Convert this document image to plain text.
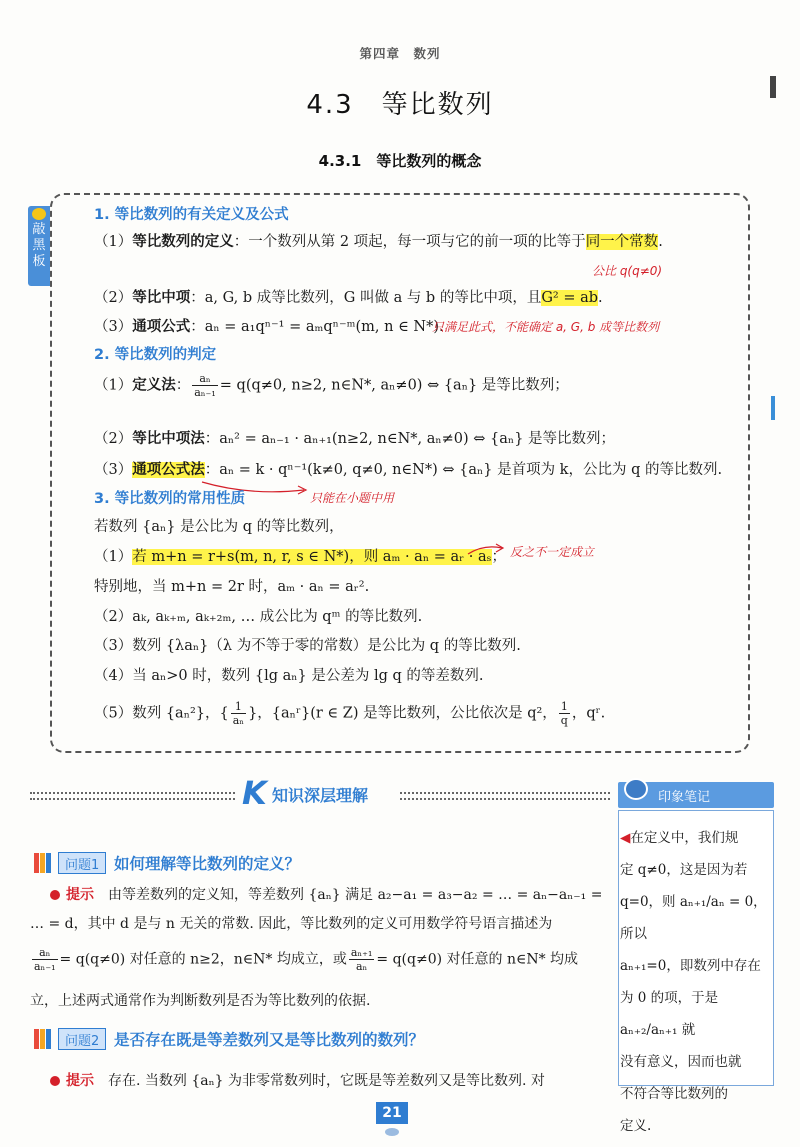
第四章　数列
4.3　等比数列
4.3.1　等比数列的概念
敲黑板
1. 等比数列的有关定义及公式
（1）等比数列的定义：一个数列从第 2 项起，每一项与它的前一项的比等于同一个常数.
公比 q(q≠0)
（2）等比中项：a, G, b 成等比数列，G 叫做 a 与 b 的等比中项，且G² = ab.
（3）通项公式：aₙ = a₁qⁿ⁻¹ = aₘqⁿ⁻ᵐ(m, n ∈ N*).
只满足此式，不能确定 a, G, b 成等比数列
2. 等比数列的判定
（1）定义法： $\frac{\text{aₙ}}{\text{aₙ₋₁}} = q(q\ne 0$, n≥2, n∈N*, aₙ≠0) ⇔ {aₙ} 是等比数列；
（2）等比中项法：aₙ² = aₙ₋₁ · aₙ₊₁(n≥2, n∈N*, aₙ≠0) ⇔ {aₙ} 是等比数列；
（3）通项公式法：aₙ = k · qⁿ⁻¹(k≠0, q≠0, n∈N*) ⇔ {aₙ} 是首项为 k，公比为 q 的等比数列.
只能在小题中用
3. 等比数列的常用性质
若数列 {aₙ} 是公比为 q 的等比数列，
（1）若 m+n = r+s(m, n, r, s ∈ N*)，则 aₘ · aₙ = aᵣ · aₛ； 反之不一定成立
特别地，当 m+n = 2r 时，aₘ · aₙ = aᵣ².
（2）aₖ, aₖ₊ₘ, aₖ₊₂ₘ, … 成公比为 qᵐ 的等比数列.
（3）数列 {λaₙ}（λ 为不等于零的常数）是公比为 q 的等比数列.
（4）当 aₙ>0 时，数列 {lg aₙ} 是公差为 lg q 的等差数列.
（5）数列 {aₙ²}，{ $\frac{1}{\text{aₙ}}$ }，{aₙʳ}(r ∈ Z) 是等比数列，公比依次是 q²， $\frac{1}{q}$ ，qʳ.
K 知识深层理解	印象笔记
◀在定义中，我们规
定 q≠0，这是因为若
q=0，则 aₙ₊₁/aₙ = 0，所以
aₙ₊₁=0，即数列中存在
为 0 的项，于是 aₙ₊₂/aₙ₊₁ 就
没有意义，因而也就
不符合等比数列的
定义.
问题1 如何理解等比数列的定义？
提示　 由等差数列的定义知，等差数列 {aₙ} 满足 a₂−a₁ = a₃−a₂ = … = aₙ−aₙ₋₁ =
… = d，其中 d 是与 n 无关的常数. 因此，等比数列的定义可用数学符号语言描述为
$\frac{\text{aₙ}}{\text{aₙ₋₁}} = q(q\ne 0)$ 对任意的 n≥2，n∈N* 均成立，或 $\frac{\text{aₙ₊₁}}{\text{aₙ}} = q(q\ne 0)$ 对任意的 n∈N* 均成
立，上述两式通常作为判断数列是否为等比数列的依据.
问题2 是否存在既是等差数列又是等比数列的数列？
提示　 存在. 当数列 {aₙ} 为非零常数列时，它既是等差数列又是等比数列. 对
21
